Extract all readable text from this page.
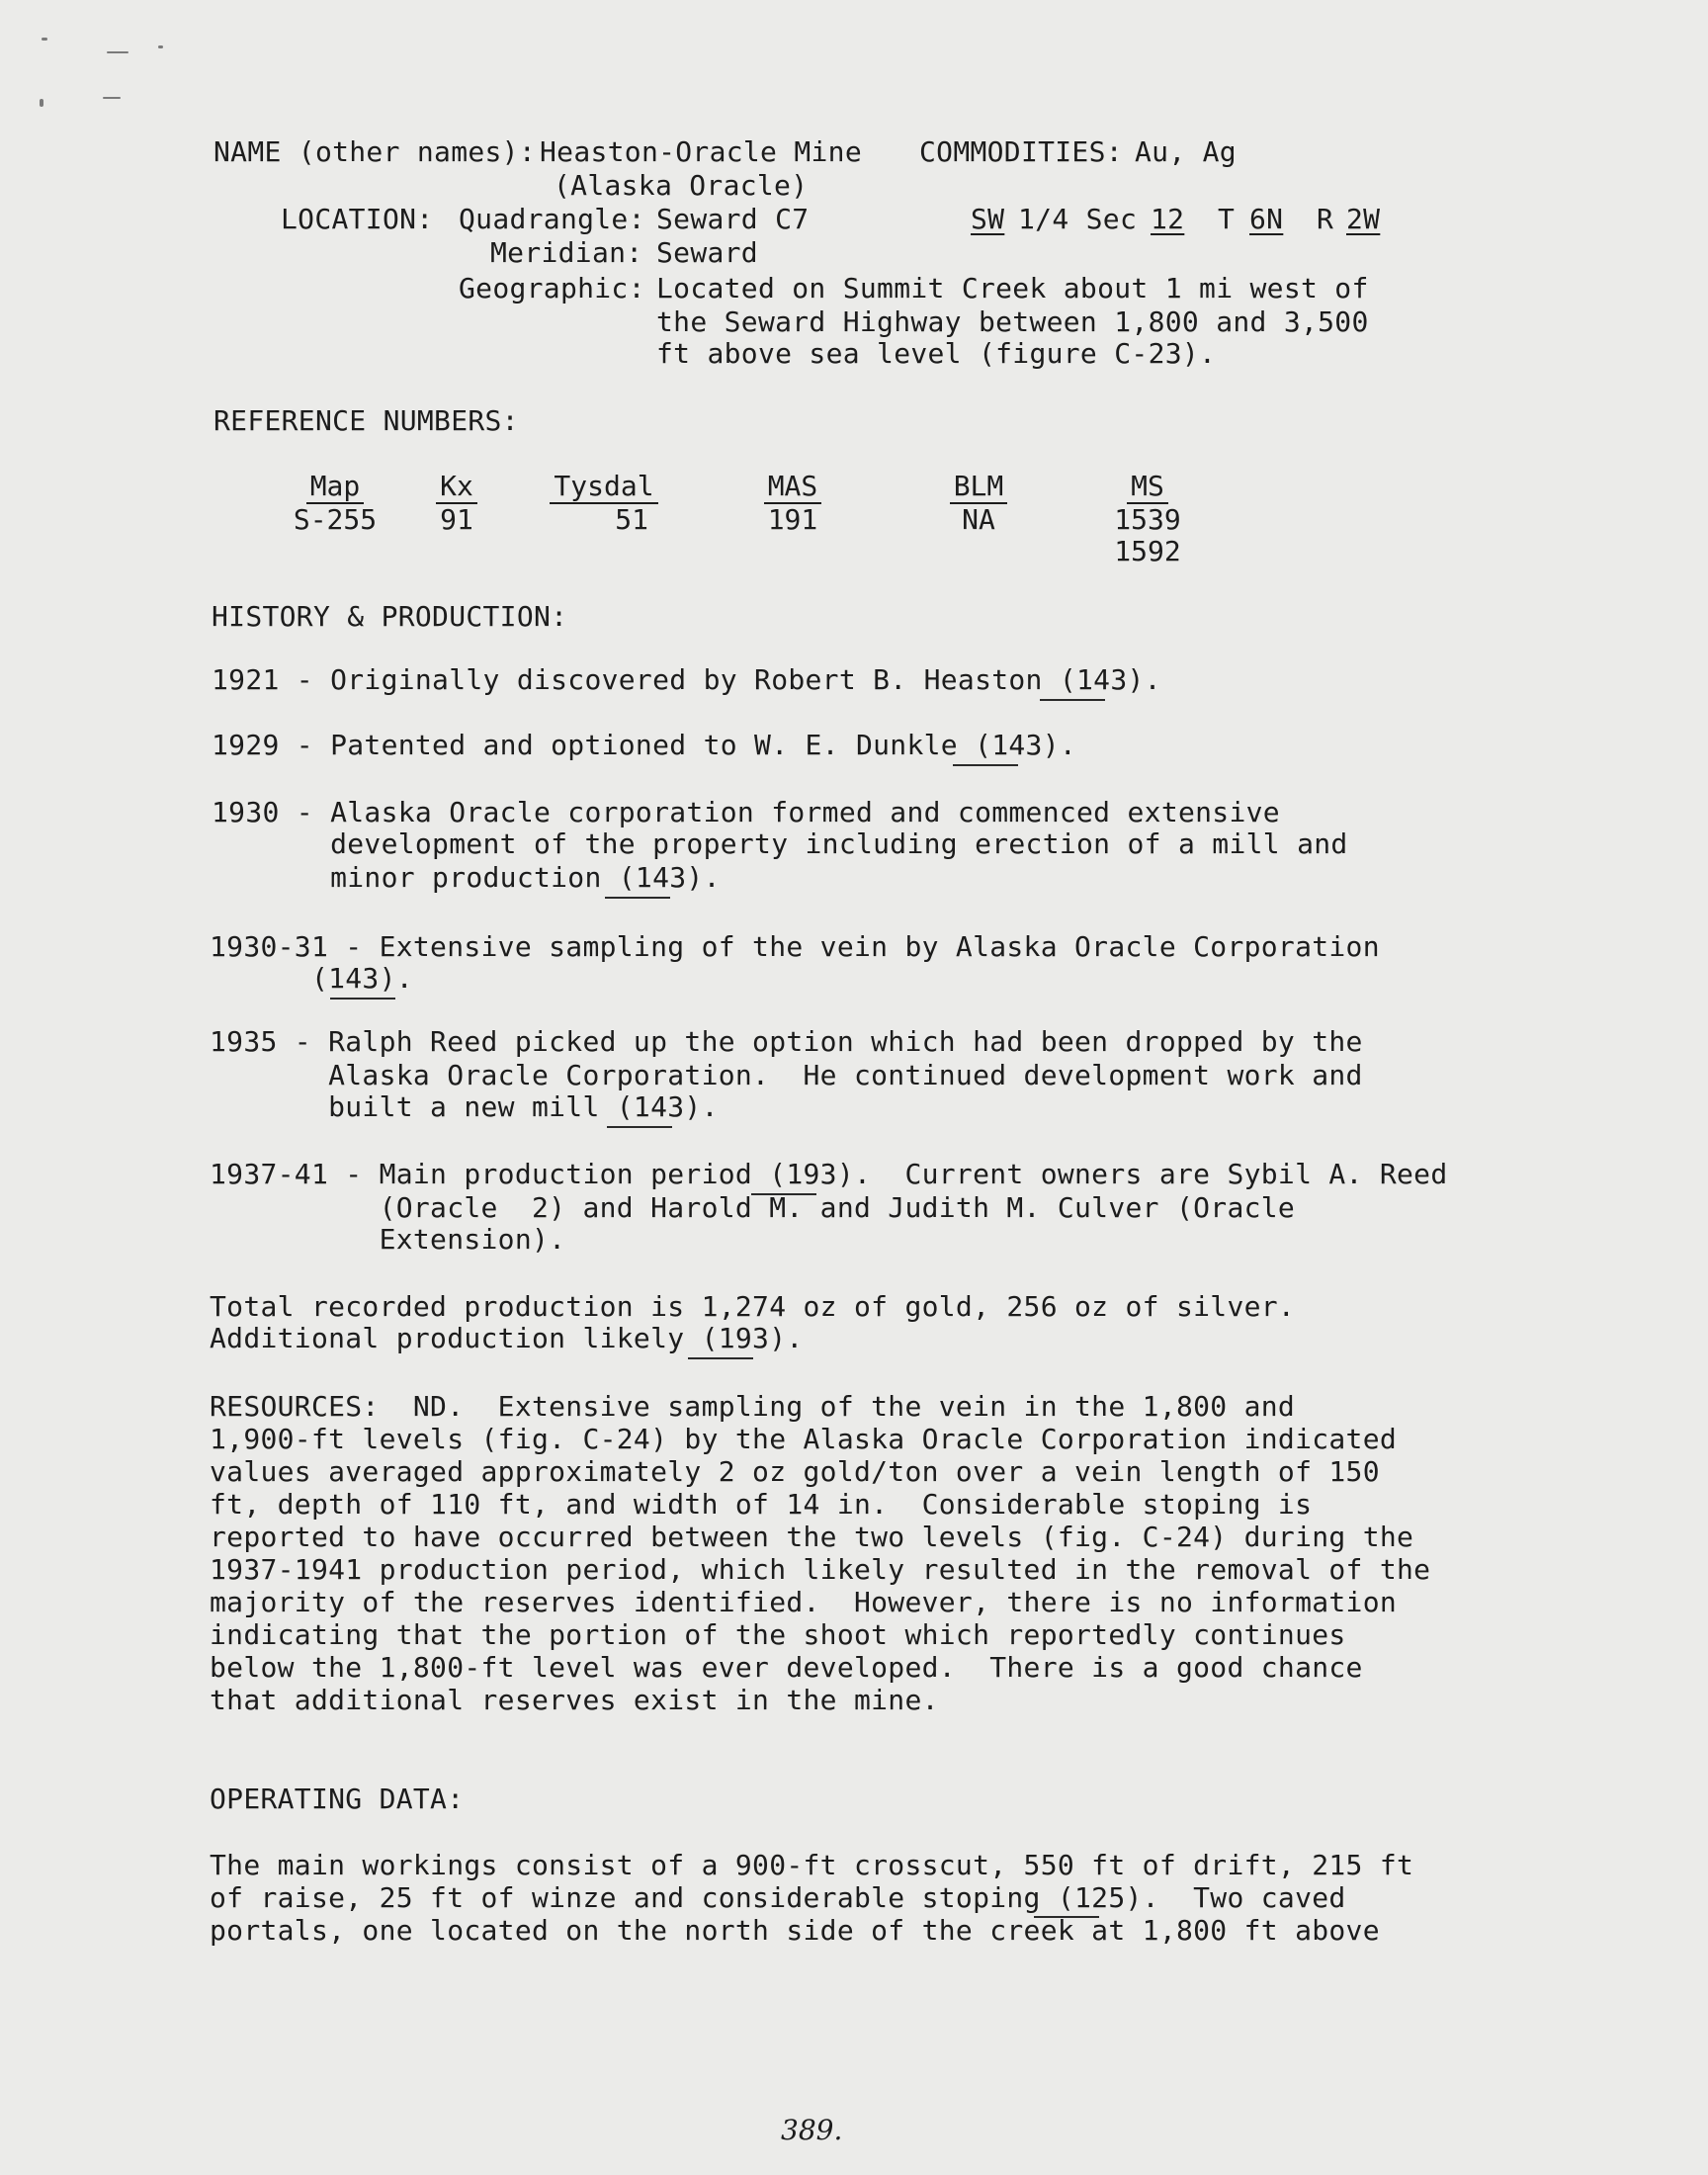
NAME (other names): Heaston-Oracle Mine COMMODITIES: Au, Ag
(Alaska Oracle)
LOCATION: Quadrangle: Seward C7	SW 1/4 Sec 12 T 6N R 2W
Meridian: Seward
Geographic: Located on Summit Creek about 1 mi west of
the Seward Highway between 1,800 and 3,500
ft above sea level (figure C-23).
REFERENCE NUMBERS:
Map
S-255
Kx
91
Tysdal
51
MAS
191
BLM
NA
MS
1539
1592
HISTORY & PRODUCTION:
1921 - Originally discovered by Robert B. Heaston (143).
1929 - Patented and optioned to W. E. Dunkle (143).
1930 - Alaska Oracle corporation formed and commenced extensive
development of the property including erection of a mill and
minor production (143).
1930-31 - Extensive sampling of the vein by Alaska Oracle Corporation
(143).
1935 - Ralph Reed picked up the option which had been dropped by the
Alaska Oracle Corporation.  He continued development work and
built a new mill (143).
1937-41 - Main production period (193).  Current owners are Sybil A. Reed
(Oracle  2) and Harold M. and Judith M. Culver (Oracle
Extension).
Total recorded production is 1,274 oz of gold, 256 oz of silver.
Additional production likely (193).
RESOURCES:  ND.  Extensive sampling of the vein in the 1,800 and
1,900-ft levels (fig. C-24) by the Alaska Oracle Corporation indicated
values averaged approximately 2 oz gold/ton over a vein length of 150
ft, depth of 110 ft, and width of 14 in.  Considerable stoping is
reported to have occurred between the two levels (fig. C-24) during the
1937-1941 production period, which likely resulted in the removal of the
majority of the reserves identified.  However, there is no information
indicating that the portion of the shoot which reportedly continues
below the 1,800-ft level was ever developed.  There is a good chance
that additional reserves exist in the mine.
OPERATING DATA:
The main workings consist of a 900-ft crosscut, 550 ft of drift, 215 ft
of raise, 25 ft of winze and considerable stoping (125).  Two caved
portals, one located on the north side of the creek at 1,800 ft above
389.
